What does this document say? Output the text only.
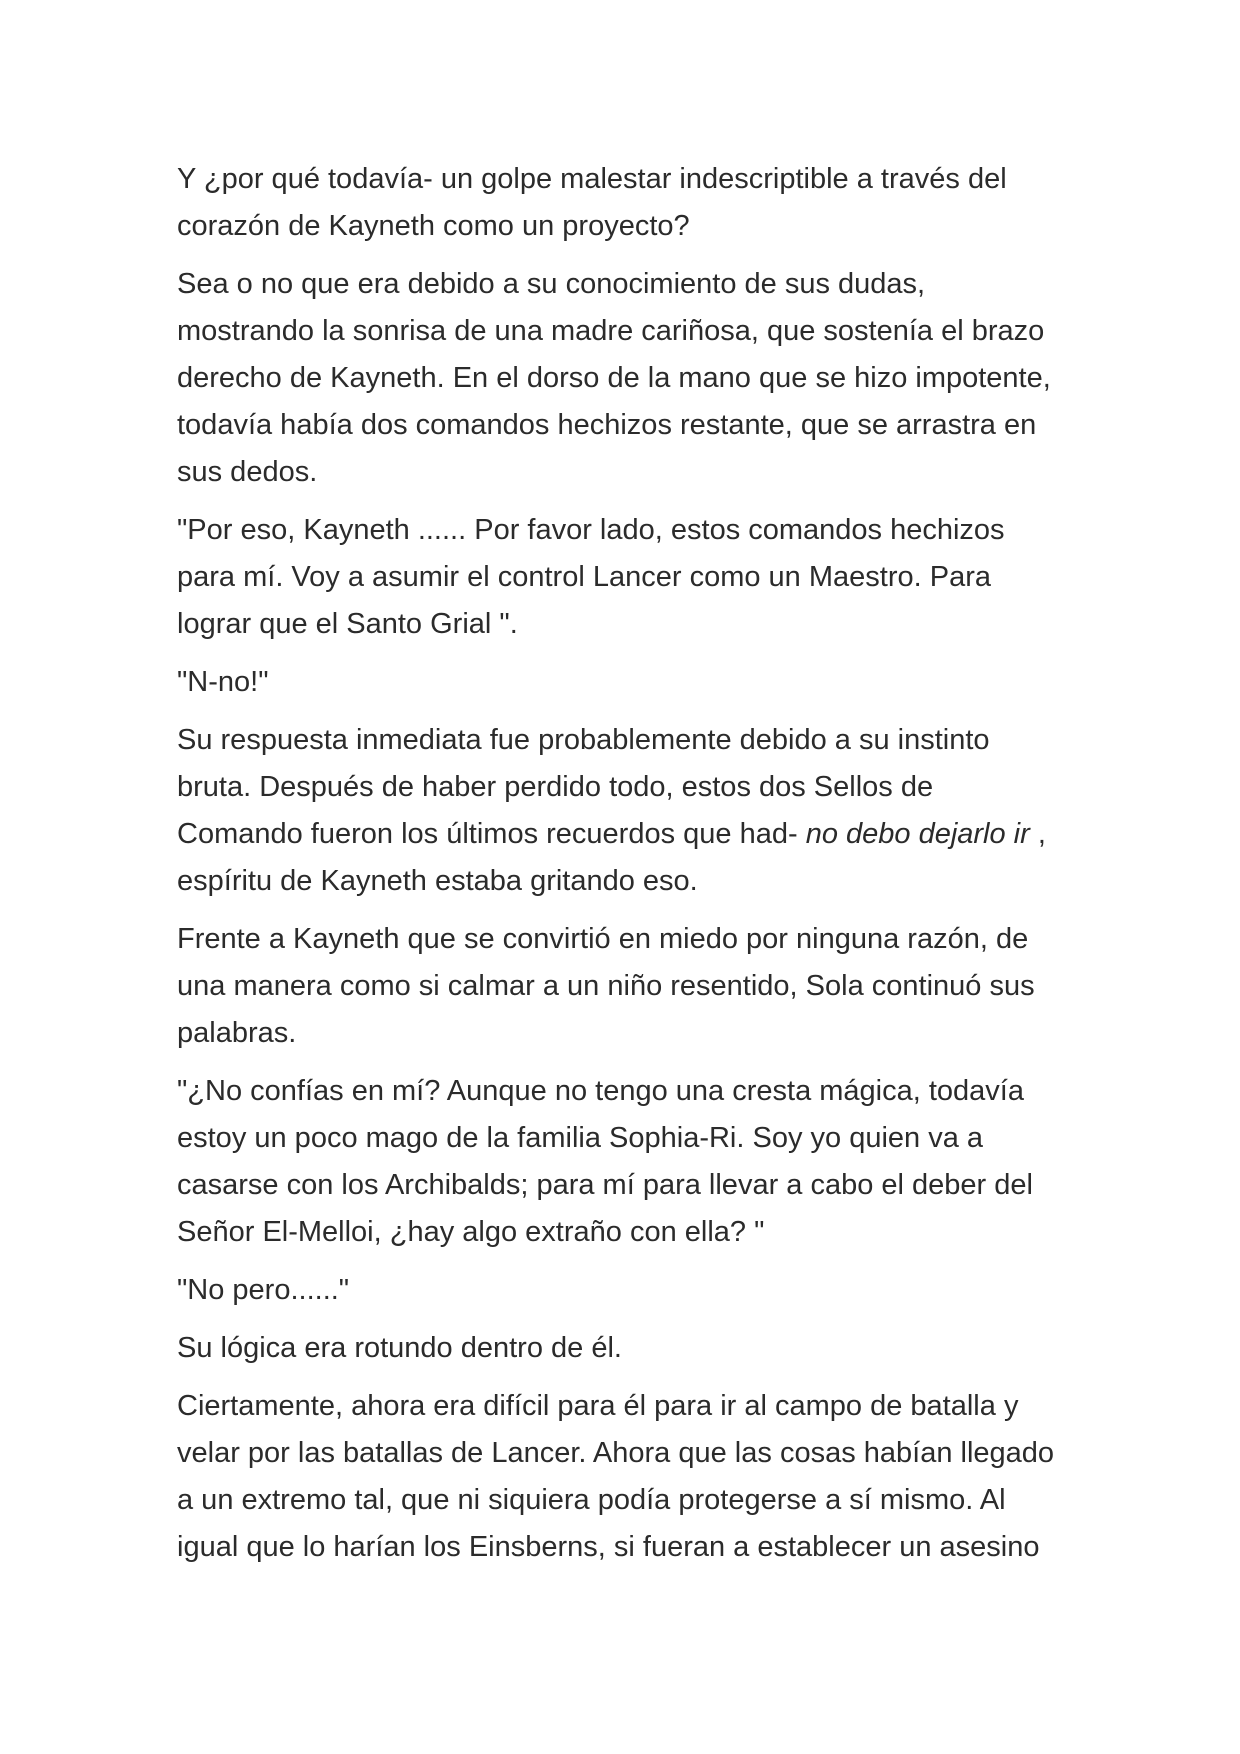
Y ¿por qué todavía- un golpe malestar indescriptible a través del
corazón de Kayneth como un proyecto?

Sea o no que era debido a su conocimiento de sus dudas,
mostrando la sonrisa de una madre cariñosa, que sostenía el brazo
derecho de Kayneth. En el dorso de la mano que se hizo impotente,
todavía había dos comandos hechizos restante, que se arrastra en
sus dedos.

"Por eso, Kayneth ...... Por favor lado, estos comandos hechizos
para mí. Voy a asumir el control Lancer como un Maestro. Para
lograr que el Santo Grial ".

"N-no!"

Su respuesta inmediata fue probablemente debido a su instinto
bruta. Después de haber perdido todo, estos dos Sellos de
Comando fueron los últimos recuerdos que had- no debo dejarlo ir ,
espíritu de Kayneth estaba gritando eso.

Frente a Kayneth que se convirtió en miedo por ninguna razón, de
una manera como si calmar a un niño resentido, Sola continuó sus
palabras.

"¿No confías en mí? Aunque no tengo una cresta mágica, todavía
estoy un poco mago de la familia Sophia-Ri. Soy yo quien va a
casarse con los Archibalds; para mí para llevar a cabo el deber del
Señor El-Melloi, ¿hay algo extraño con ella? "

"No pero......"

Su lógica era rotundo dentro de él.

Ciertamente, ahora era difícil para él para ir al campo de batalla y
velar por las batallas de Lancer. Ahora que las cosas habían llegado
a un extremo tal, que ni siquiera podía protegerse a sí mismo. Al
igual que lo harían los Einsberns, si fueran a establecer un asesino
